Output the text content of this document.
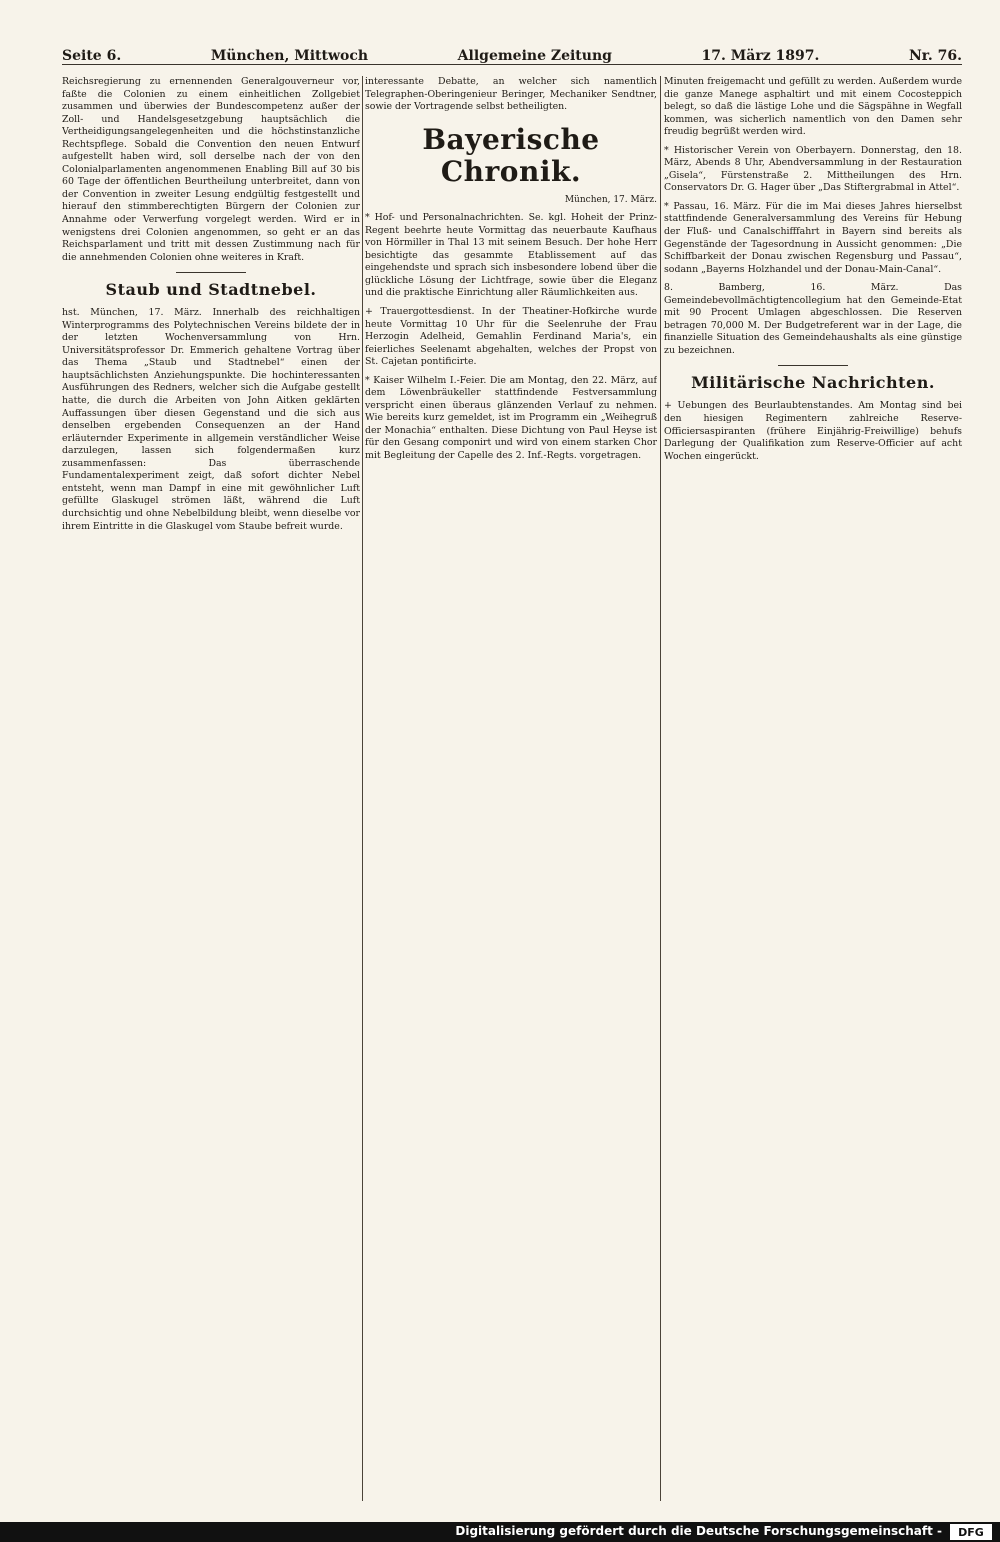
Seite 6.	München, Mittwoch	Allgemeine Zeitung	17. März 1897.	Nr. 76.

Reichsregierung zu ernennenden Generalgouverneur vor, faßte die Colonien zu einem einheitlichen Zollgebiet zusammen und überwies der Bundescompetenz außer der Zoll- und Handelsgesetzgebung hauptsächlich die Vertheidigungsangelegenheiten und die höchstinstanzliche Rechtspflege. Sobald die Convention den neuen Entwurf aufgestellt haben wird, soll derselbe nach der von den Colonialparlamenten angenommenen Enabling Bill auf 30 bis 60 Tage der öffentlichen Beurtheilung unterbreitet, dann von der Convention in zweiter Lesung endgültig festgestellt und hierauf den stimmberechtigten Bürgern der Colonien zur Annahme oder Verwerfung vorgelegt werden. Wird er in wenigstens drei Colonien angenommen, so geht er an das Reichsparlament und tritt mit dessen Zustimmung nach für die annehmenden Colonien ohne weiteres in Kraft.

Staub und Stadtnebel.

hst. München, 17. März. Innerhalb des reichhaltigen Winterprogramms des Polytechnischen Vereins bildete der in der letzten Wochenversammlung von Hrn. Universitätsprofessor Dr. Emmerich gehaltene Vortrag über das Thema „Staub und Stadtnebel“ einen der hauptsächlichsten Anziehungspunkte. Die hochinteressanten Ausführungen des Redners, welcher sich die Aufgabe gestellt hatte, die durch die Arbeiten von John Aitken geklärten Auffassungen über diesen Gegenstand und die sich aus denselben ergebenden Consequenzen an der Hand erläuternder Experimente in allgemein verständlicher Weise darzulegen, lassen sich folgendermaßen kurz zusammenfassen: Das überraschende Fundamentalexperiment zeigt, daß sofort dichter Nebel entsteht, wenn man Dampf in eine mit gewöhnlicher Luft gefüllte Glaskugel strömen läßt, während die Luft durchsichtig und ohne Nebelbildung bleibt, wenn dieselbe vor ihrem Eintritte in die Glaskugel vom Staube befreit wurde.

interessante Debatte, an welcher sich namentlich Telegraphen-Oberingenieur Beringer, Mechaniker Sendtner, sowie der Vortragende selbst betheiligten.

Bayerische Chronik.
München, 17. März.

* Hof- und Personalnachrichten. Se. kgl. Hoheit der Prinz-Regent beehrte heute Vormittag das neuerbaute Kaufhaus von Hörmiller in Thal 13 mit seinem Besuch. Der hohe Herr besichtigte das gesammte Etablissement auf das eingehendste und sprach sich insbesondere lobend über die glückliche Lösung der Lichtfrage, sowie über die Eleganz und die praktische Einrichtung aller Räumlichkeiten aus.

+ Trauergottesdienst. In der Theatiner-Hofkirche wurde heute Vormittag 10 Uhr für die Seelenruhe der Frau Herzogin Adelheid, Gemahlin Ferdinand Maria's, ein feierliches Seelenamt abgehalten, welches der Propst von St. Cajetan pontificirte.

* Kaiser Wilhelm I.-Feier. Die am Montag, den 22. März, auf dem Löwenbräukeller stattfindende Festversammlung verspricht einen überaus glänzenden Verlauf zu nehmen. Wie bereits kurz gemeldet, ist im Programm ein „Weihegruß der Monachia“ enthalten. Diese Dichtung von Paul Heyse ist für den Gesang componirt und wird von einem starken Chor mit Begleitung der Capelle des 2. Inf.-Regts. vorgetragen.

Minuten freigemacht und gefüllt zu werden. Außerdem wurde die ganze Manege asphaltirt und mit einem Cocosteppich belegt, so daß die lästige Lohe und die Sägspähne in Wegfall kommen, was sicherlich namentlich von den Damen sehr freudig begrüßt werden wird.

* Historischer Verein von Oberbayern. Donnerstag, den 18. März, Abends 8 Uhr, Abendversammlung in der Restauration „Gisela“, Fürstenstraße 2. Mittheilungen des Hrn. Conservators Dr. G. Hager über „Das Stiftergrabmal in Attel“.

* Passau, 16. März. Für die im Mai dieses Jahres hierselbst stattfindende Generalversammlung des Vereins für Hebung der Fluß- und Canalschifffahrt in Bayern sind bereits als Gegenstände der Tagesordnung in Aussicht genommen: „Die Schiffbarkeit der Donau zwischen Regensburg und Passau“, sodann „Bayerns Holzhandel und der Donau-Main-Canal“.

8. Bamberg, 16. März. Das Gemeindebevollmächtigtencollegium hat den Gemeinde-Etat mit 90 Procent Umlagen abgeschlossen. Die Reserven betragen 70,000 M. Der Budgetreferent war in der Lage, die finanzielle Situation des Gemeindehaushalts als eine günstige zu bezeichnen.

Militärische Nachrichten.

+ Uebungen des Beurlaubtenstandes. Am Montag sind bei den hiesigen Regimentern zahlreiche Reserve-Officiersaspiranten (frühere Einjährig-Freiwillige) behufs Darlegung der Qualifikation zum Reserve-Officier auf acht Wochen eingerückt.

Digitalisierung gefördert durch die Deutsche Forschungsgemeinschaft -	DFG
